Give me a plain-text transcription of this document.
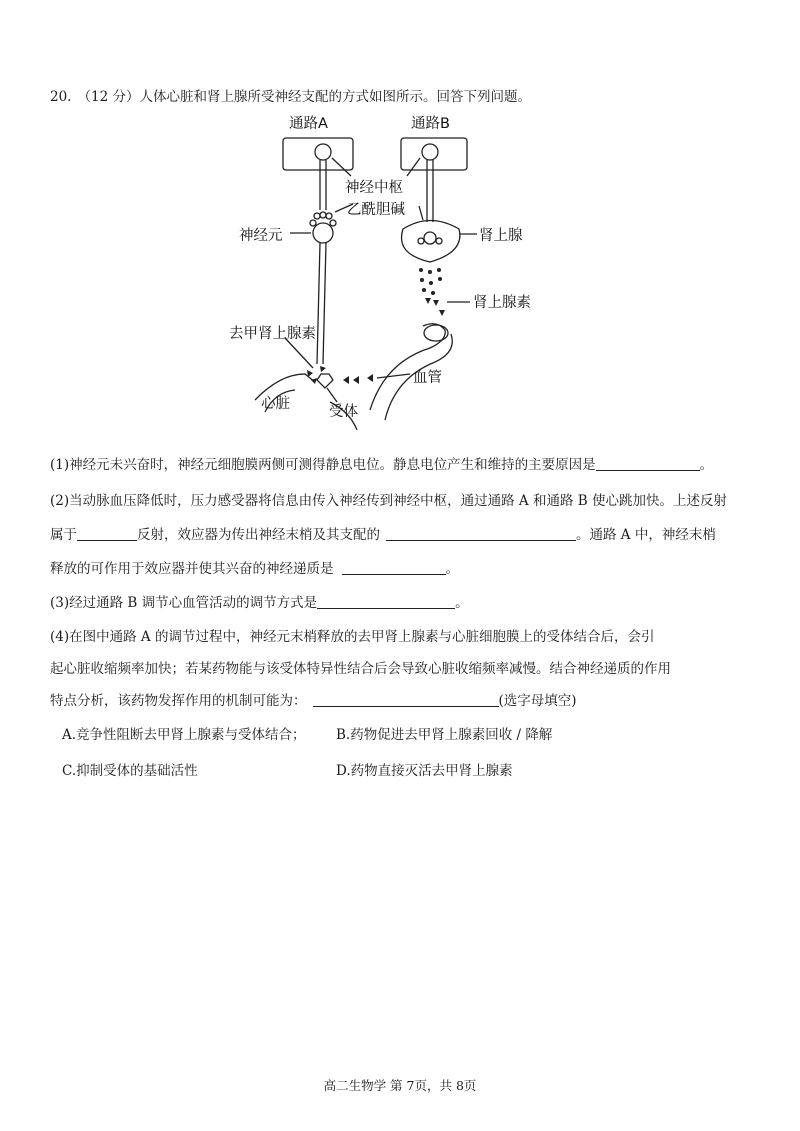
20. （12 分）人体心脏和肾上腺所受神经支配的方式如图所示。回答下列问题。
通路A	通路B
神经中枢
乙酰胆碱
神经元	肾上腺
肾上腺素
去甲肾上腺素
血管
心脏	受体
(1)神经元未兴奋时，神经元细胞膜两侧可测得静息电位。静息电位产生和维持的主要原因是	。
(2)当动脉血压降低时，压力感受器将信息由传入神经传到神经中枢，通过通路 A 和通路 B 使心跳加快。上述反射
属于	反射，效应器为传出神经末梢及其支配的	。通路 A 中，神经末梢
释放的可作用于效应器并使其兴奋的神经递质是	。
(3)经过通路 B 调节心血管活动的调节方式是	。
(4)在图中通路 A 的调节过程中，神经元末梢释放的去甲肾上腺素与心脏细胞膜上的受体结合后，会引
起心脏收缩频率加快；若某药物能与该受体特异性结合后会导致心脏收缩频率减慢。结合神经递质的作用
特点分析，该药物发挥作用的机制可能为：	(选字母填空)
A.竞争性阻断去甲肾上腺素与受体结合； B.药物促进去甲肾上腺素回收 / 降解
C.抑制受体的基础活性	D.药物直接灭活去甲肾上腺素
高二生物学 第 7页，共 8页
